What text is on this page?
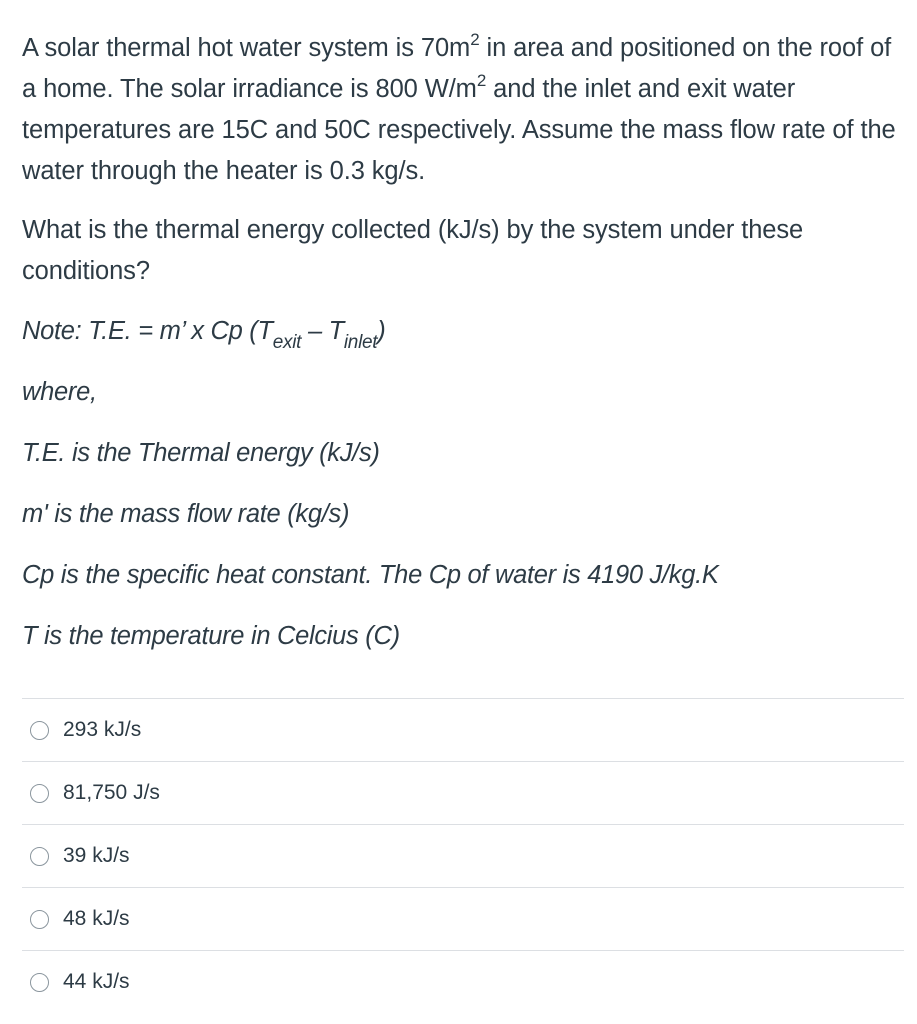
A solar thermal hot water system is $70m^2$ in area and positioned on the roof of a home. The solar irradiance is 800 $W/m^2$ and the inlet and exit water temperatures are 15C and 50C respectively. Assume the mass flow rate of the water through the heater is 0.3 kg/s.

What is the thermal energy collected (kJ/s) by the system under these conditions?

Note: T.E. = m’ x Cp $(T_{exit} - T_{inlet})$

where,

T.E. is the Thermal energy (kJ/s)

m' is the mass flow rate (kg/s)

Cp is the specific heat constant. The Cp of water is 4190 J/kg.K

T is the temperature in Celcius (C)

293 kJ/s
81,750 J/s
39 kJ/s
48 kJ/s
44 kJ/s
